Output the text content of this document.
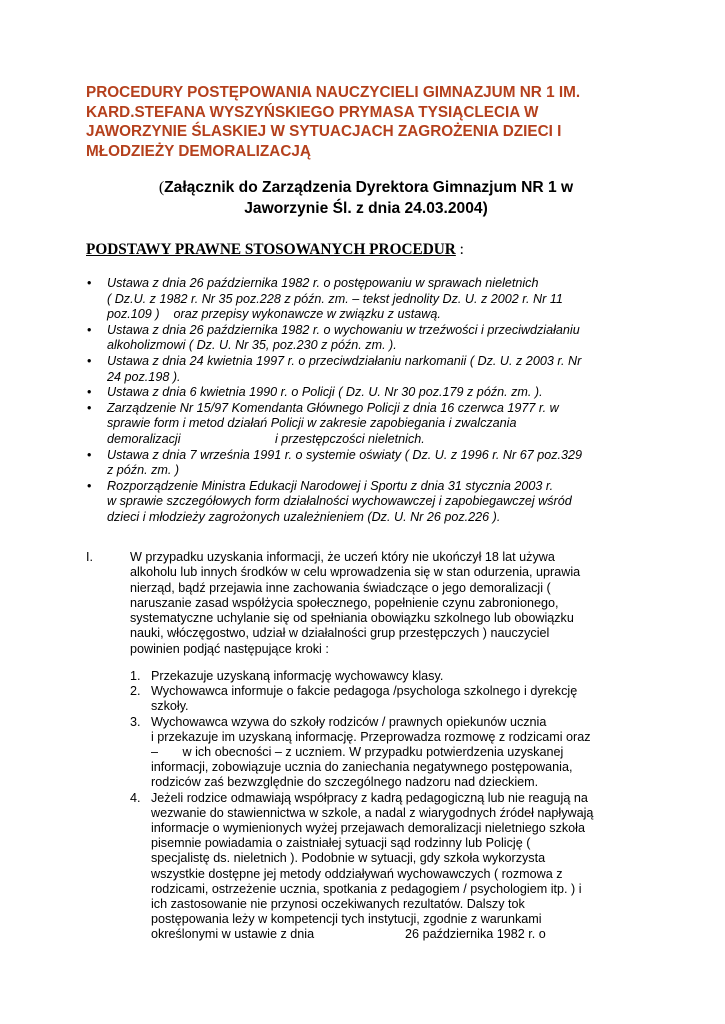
PROCEDURY POSTĘPOWANIA NAUCZYCIELI GIMNAZJUM NR 1 IM.
KARD.STEFANA WYSZYŃSKIEGO PRYMASA TYSIĄCLECIA W
JAWORZYNIE ŚLASKIEJ W SYTUACJACH ZAGROŻENIA DZIECI I
MŁODZIEŻY DEMORALIZACJĄ
(Załącznik do Zarządzenia Dyrektora Gimnazjum NR 1 w
Jaworzynie Śl. z dnia 24.03.2004)
PODSTAWY PRAWNE STOSOWANYCH PROCEDUR :
• Ustawa z dnia 26 października 1982 r. o postępowaniu w sprawach nieletnich
( Dz.U. z 1982 r. Nr 35 poz.228 z późn. zm. – tekst jednolity Dz. U. z 2002 r. Nr 11
poz.109 )    oraz przepisy wykonawcze w związku z ustawą.
• Ustawa z dnia 26 października 1982 r. o wychowaniu w trzeźwości i przeciwdziałaniu
alkoholizmowi ( Dz. U. Nr 35, poz.230 z późn. zm. ).
• Ustawa z dnia 24 kwietnia 1997 r. o przeciwdziałaniu narkomanii ( Dz. U. z 2003 r. Nr
24 poz.198 ).
• Ustawa z dnia 6 kwietnia 1990 r. o Policji ( Dz. U. Nr 30 poz.179 z późn. zm. ).
• Zarządzenie Nr 15/97 Komendanta Głównego Policji z dnia 16 czerwca 1977 r. w
sprawie form i metod działań Policji w zakresie zapobiegania i zwalczania
demoralizacji                           i przestępczości nieletnich.
• Ustawa z dnia 7 września 1991 r. o systemie oświaty ( Dz. U. z 1996 r. Nr 67 poz.329
z późn. zm. )
• Rozporządzenie Ministra Edukacji Narodowej i Sportu z dnia 31 stycznia 2003 r.
w sprawie szczegółowych form działalności wychowawczej i zapobiegawczej wśród
dzieci i młodzieży zagrożonych uzależnieniem (Dz. U. Nr 26 poz.226 ).
I.	W przypadku uzyskania informacji, że uczeń który nie ukończył 18 lat używa
alkoholu lub innych środków w celu wprowadzenia się w stan odurzenia, uprawia
nierząd, bądź przejawia inne zachowania świadczące o jego demoralizacji (
naruszanie zasad współżycia społecznego, popełnienie czynu zabronionego,
systematyczne uchylanie się od spełniania obowiązku szkolnego lub obowiązku
nauki, włóczęgostwo, udział w działalności grup przestępczych ) nauczyciel
powinien podjąć następujące kroki :
1. Przekazuje uzyskaną informację wychowawcy klasy.
2. Wychowawca informuje o fakcie pedagoga /psychologa szkolnego i dyrekcję
szkoły.
3. Wychowawca wzywa do szkoły rodziców / prawnych opiekunów ucznia
i przekazuje im uzyskaną informację. Przeprowadza rozmowę z rodzicami oraz
–       w ich obecności – z uczniem. W przypadku potwierdzenia uzyskanej
informacji, zobowiązuje ucznia do zaniechania negatywnego postępowania,
rodziców zaś bezwzględnie do szczególnego nadzoru nad dzieckiem.
4. Jeżeli rodzice odmawiają współpracy z kadrą pedagogiczną lub nie reagują na
wezwanie do stawiennictwa w szkole, a nadal z wiarygodnych źródeł napływają
informacje o wymienionych wyżej przejawach demoralizacji nieletniego szkoła
pisemnie powiadamia o zaistniałej sytuacji sąd rodzinny lub Policję (
specjalistę ds. nieletnich ). Podobnie w sytuacji, gdy szkoła wykorzysta
wszystkie dostępne jej metody oddziaływań wychowawczych ( rozmowa z
rodzicami, ostrzeżenie ucznia, spotkania z pedagogiem / psychologiem itp. ) i
ich zastosowanie nie przynosi oczekiwanych rezultatów. Dalszy tok
postępowania leży w kompetencji tych instytucji, zgodnie z warunkami
określonymi w ustawie z dnia                          26 października 1982 r. o
